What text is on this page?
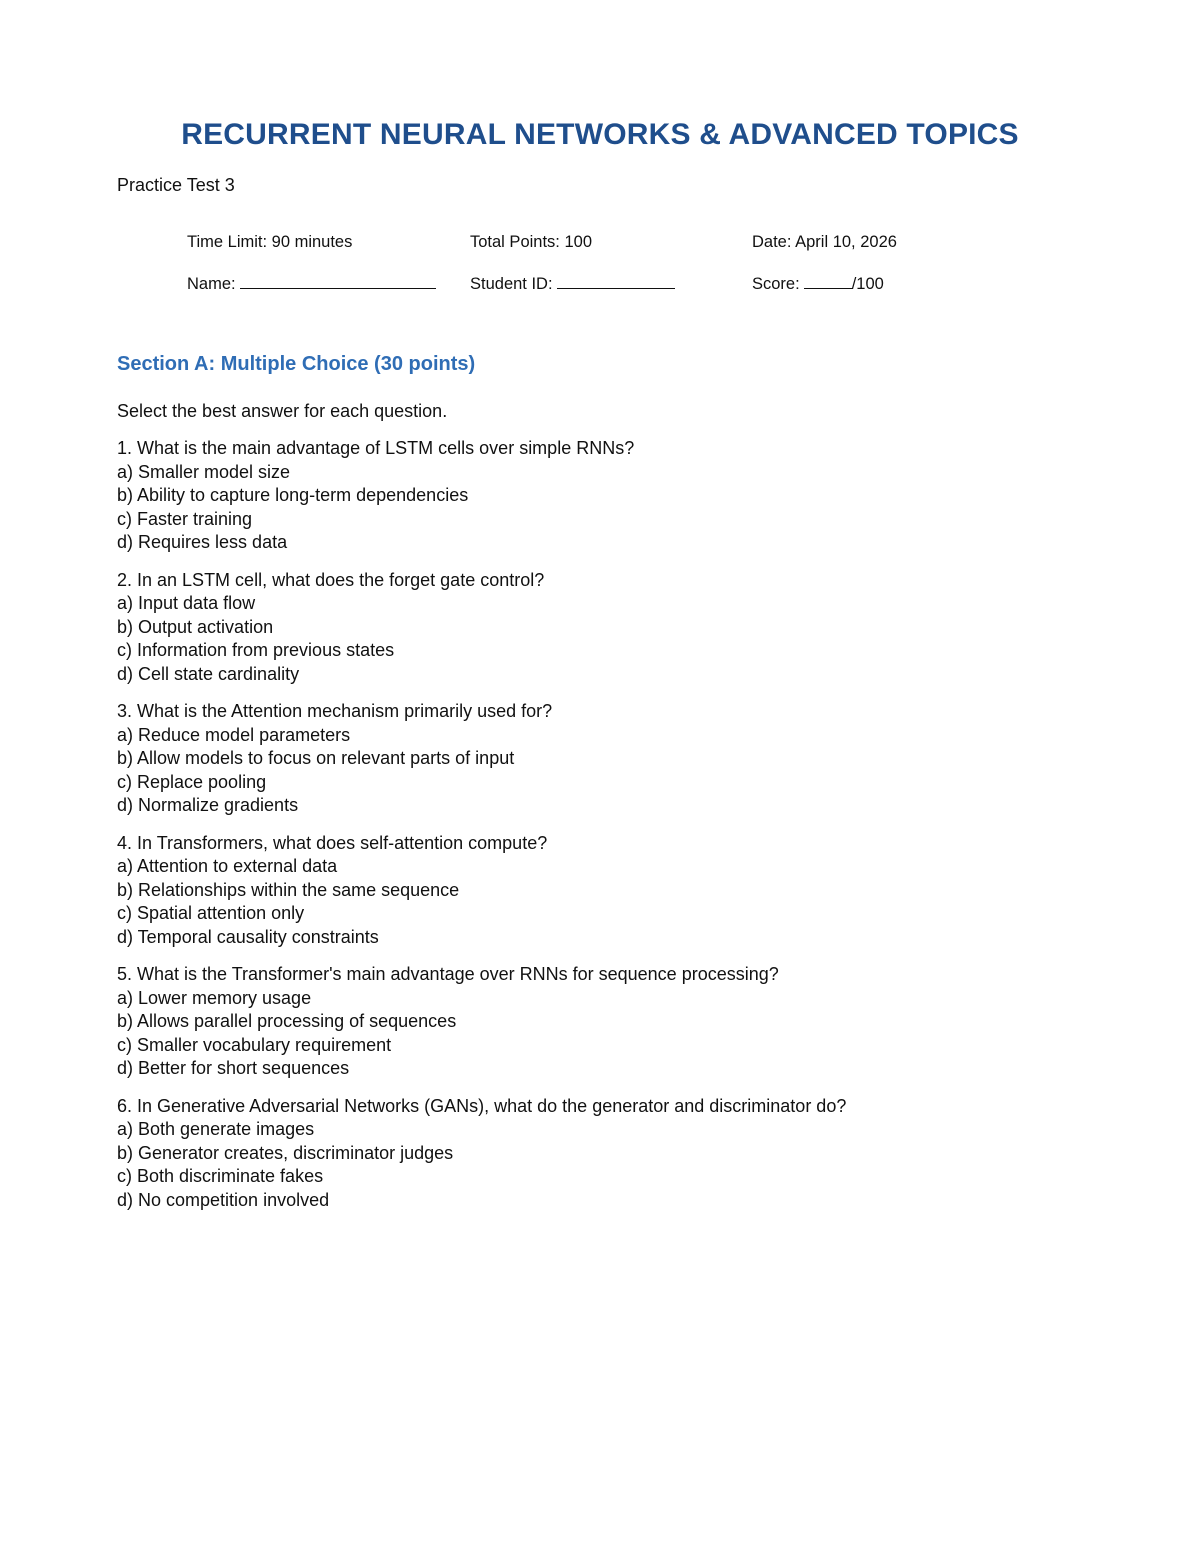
RECURRENT NEURAL NETWORKS & ADVANCED TOPICS
Practice Test 3
Time Limit: 90 minutes	Total Points: 100	Date: April 10, 2026
Name:	Student ID:	Score:	/100
Section A: Multiple Choice (30 points)
Select the best answer for each question.
1. What is the main advantage of LSTM cells over simple RNNs?
a) Smaller model size
b) Ability to capture long-term dependencies
c) Faster training
d) Requires less data
2. In an LSTM cell, what does the forget gate control?
a) Input data flow
b) Output activation
c) Information from previous states
d) Cell state cardinality
3. What is the Attention mechanism primarily used for?
a) Reduce model parameters
b) Allow models to focus on relevant parts of input
c) Replace pooling
d) Normalize gradients
4. In Transformers, what does self-attention compute?
a) Attention to external data
b) Relationships within the same sequence
c) Spatial attention only
d) Temporal causality constraints
5. What is the Transformer's main advantage over RNNs for sequence processing?
a) Lower memory usage
b) Allows parallel processing of sequences
c) Smaller vocabulary requirement
d) Better for short sequences
6. In Generative Adversarial Networks (GANs), what do the generator and discriminator do?
a) Both generate images
b) Generator creates, discriminator judges
c) Both discriminate fakes
d) No competition involved
